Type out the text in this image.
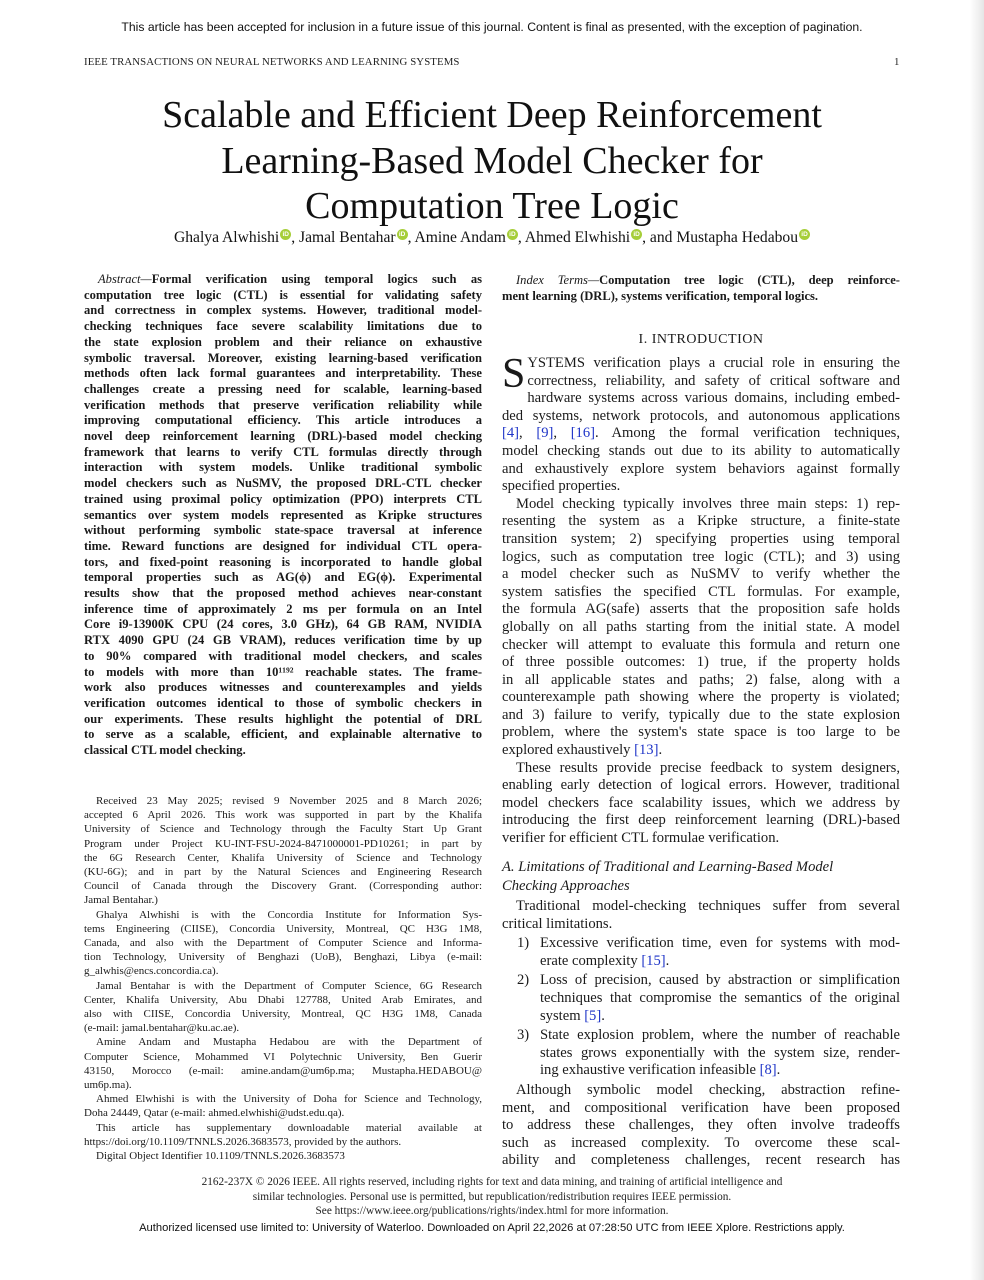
This article has been accepted for inclusion in a future issue of this journal. Content is final as presented, with the exception of pagination.
IEEE TRANSACTIONS ON NEURAL NETWORKS AND LEARNING SYSTEMS	1
Scalable and Efficient Deep Reinforcement
Learning-Based Model Checker for
Computation Tree Logic
Ghalya Alwhishi iD , Jamal Bentahar iD , Amine Andam iD , Ahmed Elwhishi iD , and Mustapha Hedabou iD
Abstract—Formal verification using temporal logics such as
computation tree logic (CTL) is essential for validating safety
and correctness in complex systems. However, traditional model-
checking techniques face severe scalability limitations due to
the state explosion problem and their reliance on exhaustive
symbolic traversal. Moreover, existing learning-based verification
methods often lack formal guarantees and interpretability. These
challenges create a pressing need for scalable, learning-based
verification methods that preserve verification reliability while
improving computational efficiency. This article introduces a
novel deep reinforcement learning (DRL)-based model checking
framework that learns to verify CTL formulas directly through
interaction with system models. Unlike traditional symbolic
model checkers such as NuSMV, the proposed DRL-CTL checker
trained using proximal policy optimization (PPO) interprets CTL
semantics over system models represented as Kripke structures
without performing symbolic state-space traversal at inference
time. Reward functions are designed for individual CTL opera-
tors, and fixed-point reasoning is incorporated to handle global
temporal properties such as AG(ϕ) and EG(ϕ). Experimental
results show that the proposed method achieves near-constant
inference time of approximately 2 ms per formula on an Intel
Core i9-13900K CPU (24 cores, 3.0 GHz), 64 GB RAM, NVIDIA
RTX 4090 GPU (24 GB VRAM), reduces verification time by up
to 90% compared with traditional model checkers, and scales
to models with more than 10¹¹⁹² reachable states. The frame-
work also produces witnesses and counterexamples and yields
verification outcomes identical to those of symbolic checkers in
our experiments. These results highlight the potential of DRL
to serve as a scalable, efficient, and explainable alternative to
classical CTL model checking.
Received 23 May 2025; revised 9 November 2025 and 8 March 2026;
accepted 6 April 2026. This work was supported in part by the Khalifa
University of Science and Technology through the Faculty Start Up Grant
Program under Project KU-INT-FSU-2024-8471000001-PD10261; in part by
the 6G Research Center, Khalifa University of Science and Technology
(KU-6G); and in part by the Natural Sciences and Engineering Research
Council of Canada through the Discovery Grant. (Corresponding author:
Jamal Bentahar.)
Ghalya Alwhishi is with the Concordia Institute for Information Sys-
tems Engineering (CIISE), Concordia University, Montreal, QC H3G 1M8,
Canada, and also with the Department of Computer Science and Informa-
tion Technology, University of Benghazi (UoB), Benghazi, Libya (e-mail:
g_alwhis@encs.concordia.ca).
Jamal Bentahar is with the Department of Computer Science, 6G Research
Center, Khalifa University, Abu Dhabi 127788, United Arab Emirates, and
also with CIISE, Concordia University, Montreal, QC H3G 1M8, Canada
(e-mail: jamal.bentahar@ku.ac.ae).
Amine Andam and Mustapha Hedabou are with the Department of
Computer Science, Mohammed VI Polytechnic University, Ben Guerir
43150, Morocco (e-mail: amine.andam@um6p.ma; Mustapha.HEDABOU@
um6p.ma).
Ahmed Elwhishi is with the University of Doha for Science and Technology,
Doha 24449, Qatar (e-mail: ahmed.elwhishi@udst.edu.qa).
This article has supplementary downloadable material available at
https://doi.org/10.1109/TNNLS.2026.3683573, provided by the authors.
Digital Object Identifier 10.1109/TNNLS.2026.3683573
Index Terms—Computation tree logic (CTL), deep reinforce-
ment learning (DRL), systems verification, temporal logics.
I. INTRODUCTION
S YSTEMS verification plays a crucial role in ensuring the
correctness, reliability, and safety of critical software and
hardware systems across various domains, including embed-
ded systems, network protocols, and autonomous applications
[4], [9], [16]. Among the formal verification techniques,
model checking stands out due to its ability to automatically
and exhaustively explore system behaviors against formally
specified properties.
Model checking typically involves three main steps: 1) rep-
resenting the system as a Kripke structure, a finite-state
transition system; 2) specifying properties using temporal
logics, such as computation tree logic (CTL); and 3) using
a model checker such as NuSMV to verify whether the
system satisfies the specified CTL formulas. For example,
the formula AG(safe) asserts that the proposition safe holds
globally on all paths starting from the initial state. A model
checker will attempt to evaluate this formula and return one
of three possible outcomes: 1) true, if the property holds
in all applicable states and paths; 2) false, along with a
counterexample path showing where the property is violated;
and 3) failure to verify, typically due to the state explosion
problem, where the system's state space is too large to be
explored exhaustively [13].
These results provide precise feedback to system designers,
enabling early detection of logical errors. However, traditional
model checkers face scalability issues, which we address by
introducing the first deep reinforcement learning (DRL)-based
verifier for efficient CTL formulae verification.
A. Limitations of Traditional and Learning-Based Model
Checking Approaches
Traditional model-checking techniques suffer from several
critical limitations.
1) Excessive verification time, even for systems with mod-
erate complexity [15].
2) Loss of precision, caused by abstraction or simplification
techniques that compromise the semantics of the original
system [5].
3) State explosion problem, where the number of reachable
states grows exponentially with the system size, render-
ing exhaustive verification infeasible [8].
Although symbolic model checking, abstraction refine-
ment, and compositional verification have been proposed
to address these challenges, they often involve tradeoffs
such as increased complexity. To overcome these scal-
ability and completeness challenges, recent research has
2162-237X © 2026 IEEE. All rights reserved, including rights for text and data mining, and training of artificial intelligence and
similar technologies. Personal use is permitted, but republication/redistribution requires IEEE permission.
See https://www.ieee.org/publications/rights/index.html for more information.
Authorized licensed use limited to: University of Waterloo. Downloaded on April 22,2026 at 07:28:50 UTC from IEEE Xplore. Restrictions apply.
